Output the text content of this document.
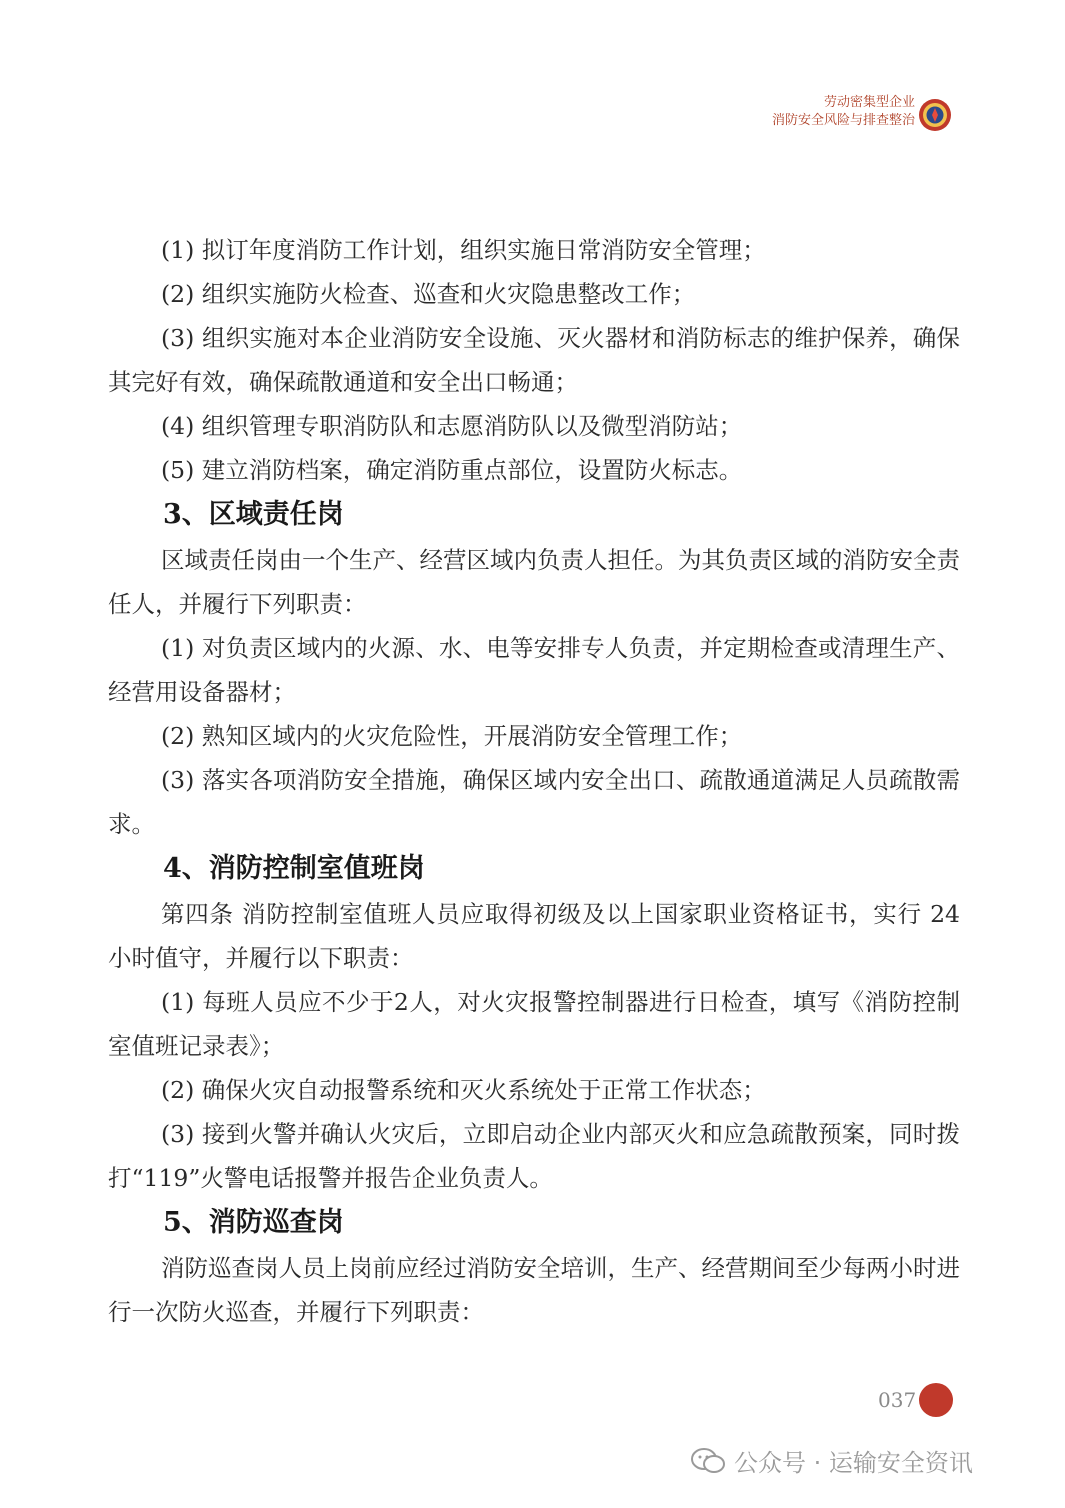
劳动密集型企业
消防安全风险与排查整治

(1) 拟订年度消防工作计划，组织实施日常消防安全管理；

(2) 组织实施防火检查、巡查和火灾隐患整改工作；

(3) 组织实施对本企业消防安全设施、灭火器材和消防标志的维护保养，确保其完好有效，确保疏散通道和安全出口畅通；

(4) 组织管理专职消防队和志愿消防队以及微型消防站；

(5) 建立消防档案，确定消防重点部位，设置防火标志。

3、区域责任岗

区域责任岗由一个生产、经营区域内负责人担任。为其负责区域的消防安全责任人，并履行下列职责：

(1) 对负责区域内的火源、水、电等安排专人负责，并定期检查或清理生产、经营用设备器材；

(2) 熟知区域内的火灾危险性，开展消防安全管理工作；

(3) 落实各项消防安全措施，确保区域内安全出口、疏散通道满足人员疏散需求。

4、消防控制室值班岗

第四条 消防控制室值班人员应取得初级及以上国家职业资格证书，实行 24 小时值守，并履行以下职责：

(1) 每班人员应不少于2人，对火灾报警控制器进行日检查，填写《消防控制室值班记录表》；

(2) 确保火灾自动报警系统和灭火系统处于正常工作状态；

(3) 接到火警并确认火灾后，立即启动企业内部灭火和应急疏散预案，同时拨打“119”火警电话报警并报告企业负责人。

5、消防巡查岗

消防巡查岗人员上岗前应经过消防安全培训，生产、经营期间至少每两小时进行一次防火巡查，并履行下列职责：

037
公众号 · 运输安全资讯
